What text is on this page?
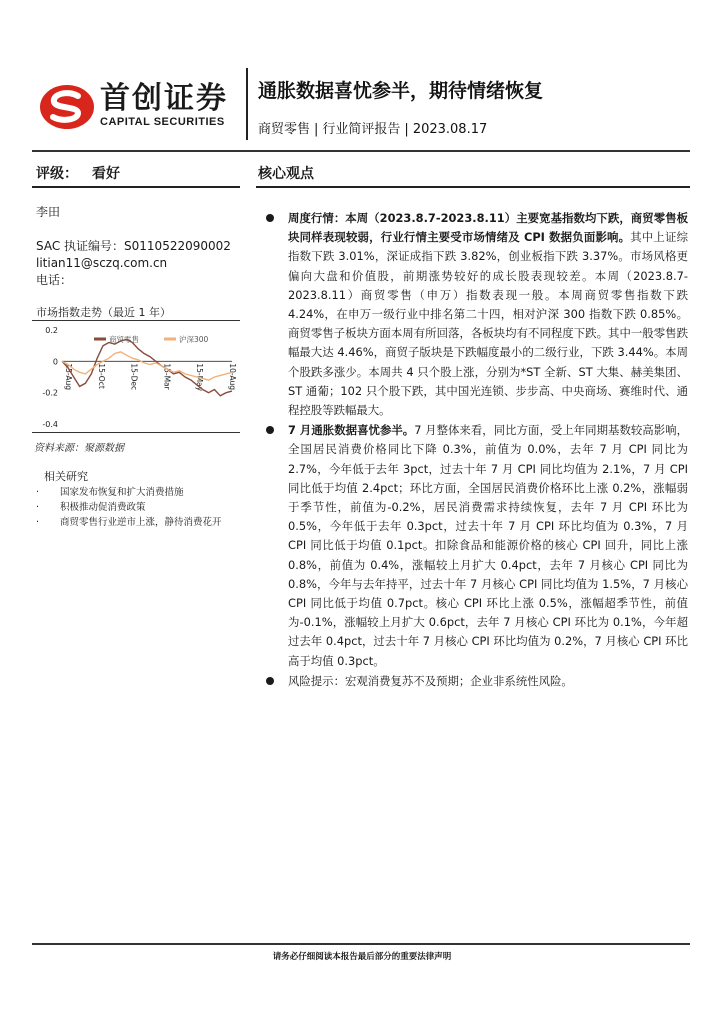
首创证券
CAPITAL SECURITIES
通胀数据喜忧参半，期待情绪恢复
商贸零售 | 行业简评报告 | 2023.08.17
评级： 看好	核心观点
李田
SAC 执证编号：S0110522090002
litian11@sczq.com.cn
电话：
市场指数走势（最近 1 年）
0.2
0
-0.2
-0.4
15-Aug	15-Oct	15-Dec	15-Mar	15-May	10-Aug
商贸零售	沪深300
资料来源：聚源数据
相关研究
· 国家发布恢复和扩大消费措施
· 积极推动促消费政策
· 商贸零售行业逆市上涨，静待消费花开
周度行情：本周（2023.8.7-2023.8.11）主要宽基指数均下跌，商贸零售板块同样表现较弱，行业行情主要受市场情绪及 CPI 数据负面影响。其中上证综指数下跌 3.01%，深证成指下跌 3.82%，创业板指下跌 3.37%。市场风格更偏向大盘和价值股，前期涨势较好的成长股表现较差。本周（2023.8.7-2023.8.11）商贸零售（申万）指数表现一般。本周商贸零售指数下跌 4.24%，在申万一级行业中排名第二十四，相对沪深 300 指数下跌 0.85%。商贸零售子板块方面本周有所回落，各板块均有不同程度下跌。其中一般零售跌幅最大达 4.46%，商贸子版块是下跌幅度最小的二级行业，下跌 3.44%。本周个股跌多涨少。本周共 4 只个股上涨，分别为*ST 全新、ST 大集、赫美集团、ST 通葡；102 只个股下跌，其中国光连锁、步步高、中央商场、赛维时代、通程控股等跌幅最大。
7 月通胀数据喜忧参半。7 月整体来看，同比方面，受上年同期基数较高影响，全国居民消费价格同比下降 0.3%，前值为 0.0%，去年 7 月 CPI 同比为 2.7%，今年低于去年 3pct，过去十年 7 月 CPI 同比均值为 2.1%，7 月 CPI 同比低于均值 2.4pct；环比方面，全国居民消费价格环比上涨 0.2%，涨幅弱于季节性，前值为-0.2%，居民消费需求持续恢复，去年 7 月 CPI 环比为 0.5%，今年低于去年 0.3pct，过去十年 7 月 CPI 环比均值为 0.3%，7 月 CPI 同比低于均值 0.1pct。扣除食品和能源价格的核心 CPI 回升，同比上涨 0.8%，前值为 0.4%，涨幅较上月扩大 0.4pct，去年 7 月核心 CPI 同比为 0.8%，今年与去年持平，过去十年 7 月核心 CPI 同比均值为 1.5%，7 月核心 CPI 同比低于均值 0.7pct。核心 CPI 环比上涨 0.5%，涨幅超季节性，前值为-0.1%，涨幅较上月扩大 0.6pct，去年 7 月核心 CPI 环比为 0.1%，今年超过去年 0.4pct，过去十年 7 月核心 CPI 环比均值为 0.2%，7 月核心 CPI 环比高于均值 0.3pct。
风险提示：宏观消费复苏不及预期；企业非系统性风险。
请务必仔细阅读本报告最后部分的重要法律声明
